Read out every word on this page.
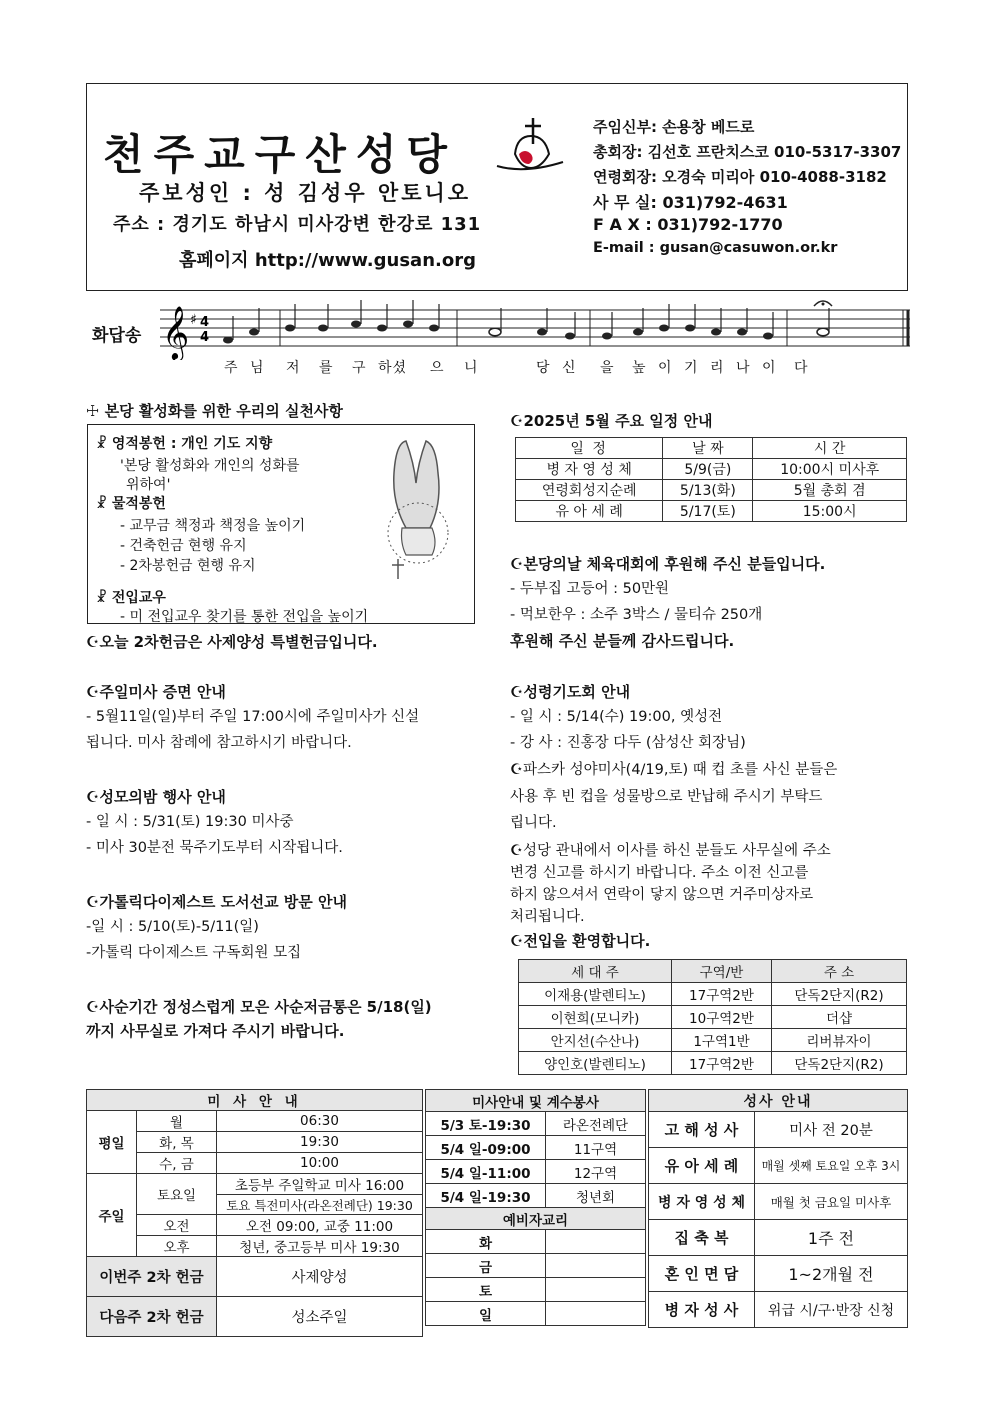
천주교구산성당
주보성인 : 성 김성우 안토니오
주소 : 경기도 하남시 미사강변 한강로 131
홈페이지 http://www.gusan.org
주임신부: 손용창 베드로
총회장: 김선호 프란치스코 010-5317-3307
연령회장: 오경숙 미리아 010-4088-3182
사 무 실: 031)792-4631
F A X : 031)792-1770
E-mail : gusan@casuwon.or.kr
화답송 𝄞 ♯ 4
4
주 님 저 를 구 하셨 으 니	당 신 을 높 이 기 리 나 이 다
☩ 본당 활성화를 위한 우리의 실천사항
☧ 영적봉헌 : 개인 기도 지향
'본당 활성화와 개인의 성화를
위하여'
☧ 물적봉헌
- 교무금 책정과 책정을 높이기
- 건축헌금 현행 유지
- 2차봉헌금 현행 유지
☧ 전입교우
- 미 전입교우 찾기를 통한 전입을 높이기
☪오늘 2차헌금은 사제양성 특별헌금입니다.
☪주일미사 증면 안내
- 5월11일(일)부터 주일 17:00시에 주일미사가 신설
됩니다. 미사 참례에 참고하시기 바랍니다.
☪성모의밤 행사 안내
- 일 시 : 5/31(토) 19:30 미사중
- 미사 30분전 묵주기도부터 시작됩니다.
☪가톨릭다이제스트 도서선교 방문 안내
-일 시 : 5/10(토)-5/11(일)
-가톨릭 다이제스트 구독회원 모집
☪사순기간 정성스럽게 모은 사순저금통은 5/18(일)
까지 사무실로 가져다 주시기 바랍니다.
☪2025년 5월 주요 일정 안내
일 정	날 짜	시 간
병 자 영 성 체	5/9(금)	10:00시 미사후
연령회성지순례	5/13(화)	5월 총회 겸
유 아 세 례	5/17(토)	15:00시
☪본당의날 체육대회에 후원해 주신 분들입니다.
- 두부집 고등어 : 50만원
- 먹보한우 : 소주 3박스 / 물티슈 250개
후원해 주신 분들께 감사드립니다.
☪성령기도회 안내
- 일 시 : 5/14(수) 19:00, 옛성전
- 강 사 : 진홍장 다두 (삼성산 회장님)
☪파스카 성야미사(4/19,토) 때 컵 초를 사신 분들은
사용 후 빈 컵을 성물방으로 반납해 주시기 부탁드
립니다.
☪성당 관내에서 이사를 하신 분들도 사무실에 주소
변경 신고를 하시기 바랍니다. 주소 이전 신고를
하지 않으셔서 연락이 닿지 않으면 거주미상자로
처리됩니다.
☪전입을 환영합니다.
세 대 주	구역/반	주 소
이재용(발렌티노)	17구역2반	단독2단지(R2)
이현희(모니카)	10구역2반	더샵
안지선(수산나)	1구역1반	리버뷰자이
양인호(발렌티노)	17구역2반	단독2단지(R2)
미 사 안 내		
평일	월	06:30
	화, 목	19:30
	수, 금	10:00
주일	토요일	초등부 주일학교 미사 16:00
		토요 특전미사(라온전례단) 19:30
	오전	오전 09:00, 교중 11:00
	오후	청년, 중고등부 미사 19:30
이번주 2차 헌금		사제양성
다음주 2차 헌금		성소주일
미사안내 및 계수봉사	
5/3 토-19:30	라온전례단
5/4 일-09:00	11구역
5/4 일-11:00	12구역
5/4 일-19:30	청년회
예비자교리	
화	
금	
토	
일	
성사 안내	
고 해 성 사	미사 전 20분
유 아 세 례	매월 셋째 토요일 오후 3시
병 자 영 성 체	매월 첫 금요일 미사후
집 축 복	1주 전
혼 인 면 담	1~2개월 전
병 자 성 사	위급 시/구·반장 신청
